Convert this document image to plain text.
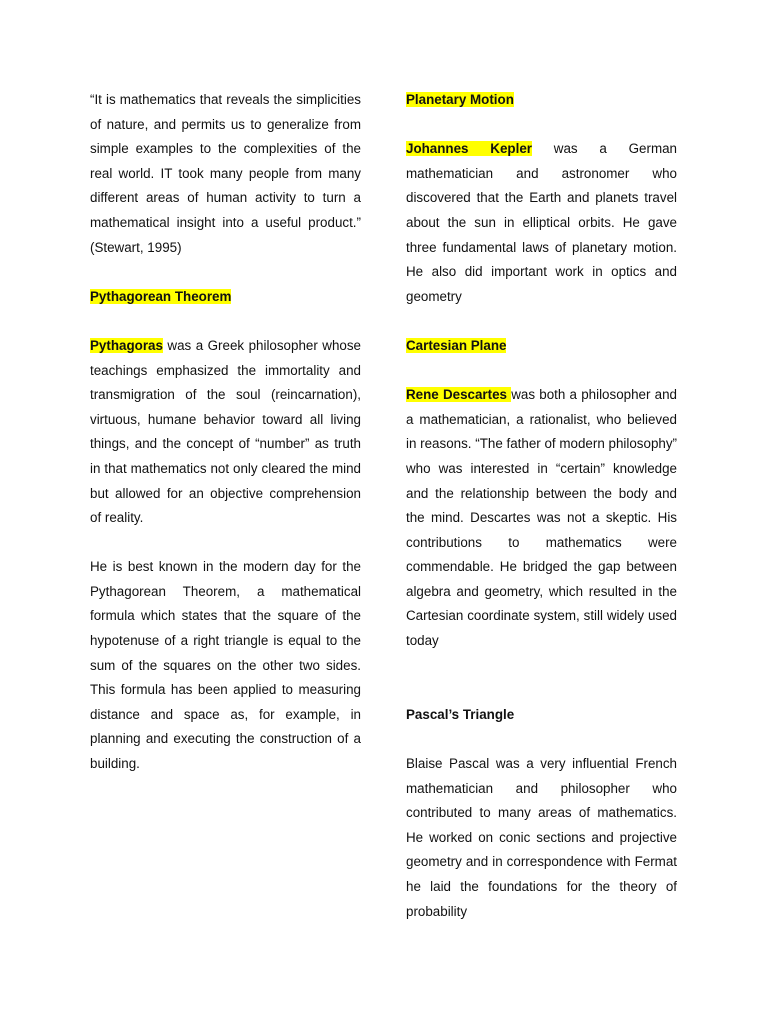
“It is mathematics that reveals the simplicities of nature, and permits us to generalize from simple examples to the complexities of the real world. IT took many people from many different areas of human activity to turn a mathematical insight into a useful product.” (Stewart, 1995)

Pythagorean Theorem

Pythagoras was a Greek philosopher whose teachings emphasized the immortality and transmigration of the soul (reincarnation), virtuous, humane behavior toward all living things, and the concept of “number” as truth in that mathematics not only cleared the mind but allowed for an objective comprehension of reality.

He is best known in the modern day for the Pythagorean Theorem, a mathematical formula which states that the square of the hypotenuse of a right triangle is equal to the sum of the squares on the other two sides. This formula has been applied to measuring distance and space as, for example, in planning and executing the construction of a building.

Planetary Motion

Johannes Kepler was a German mathematician and astronomer who discovered that the Earth and planets travel about the sun in elliptical orbits. He gave three fundamental laws of planetary motion. He also did important work in optics and geometry

Cartesian Plane

Rene Descartes was both a philosopher and a mathematician, a rationalist, who believed in reasons. “The father of modern philosophy” who was interested in “certain” knowledge and the relationship between the body and the mind. Descartes was not a skeptic. His contributions to mathematics were commendable. He bridged the gap between algebra and geometry, which resulted in the Cartesian coordinate system, still widely used today

Pascal’s Triangle

Blaise Pascal was a very influential French mathematician and philosopher who contributed to many areas of mathematics. He worked on conic sections and projective geometry and in correspondence with Fermat he laid the foundations for the theory of probability
